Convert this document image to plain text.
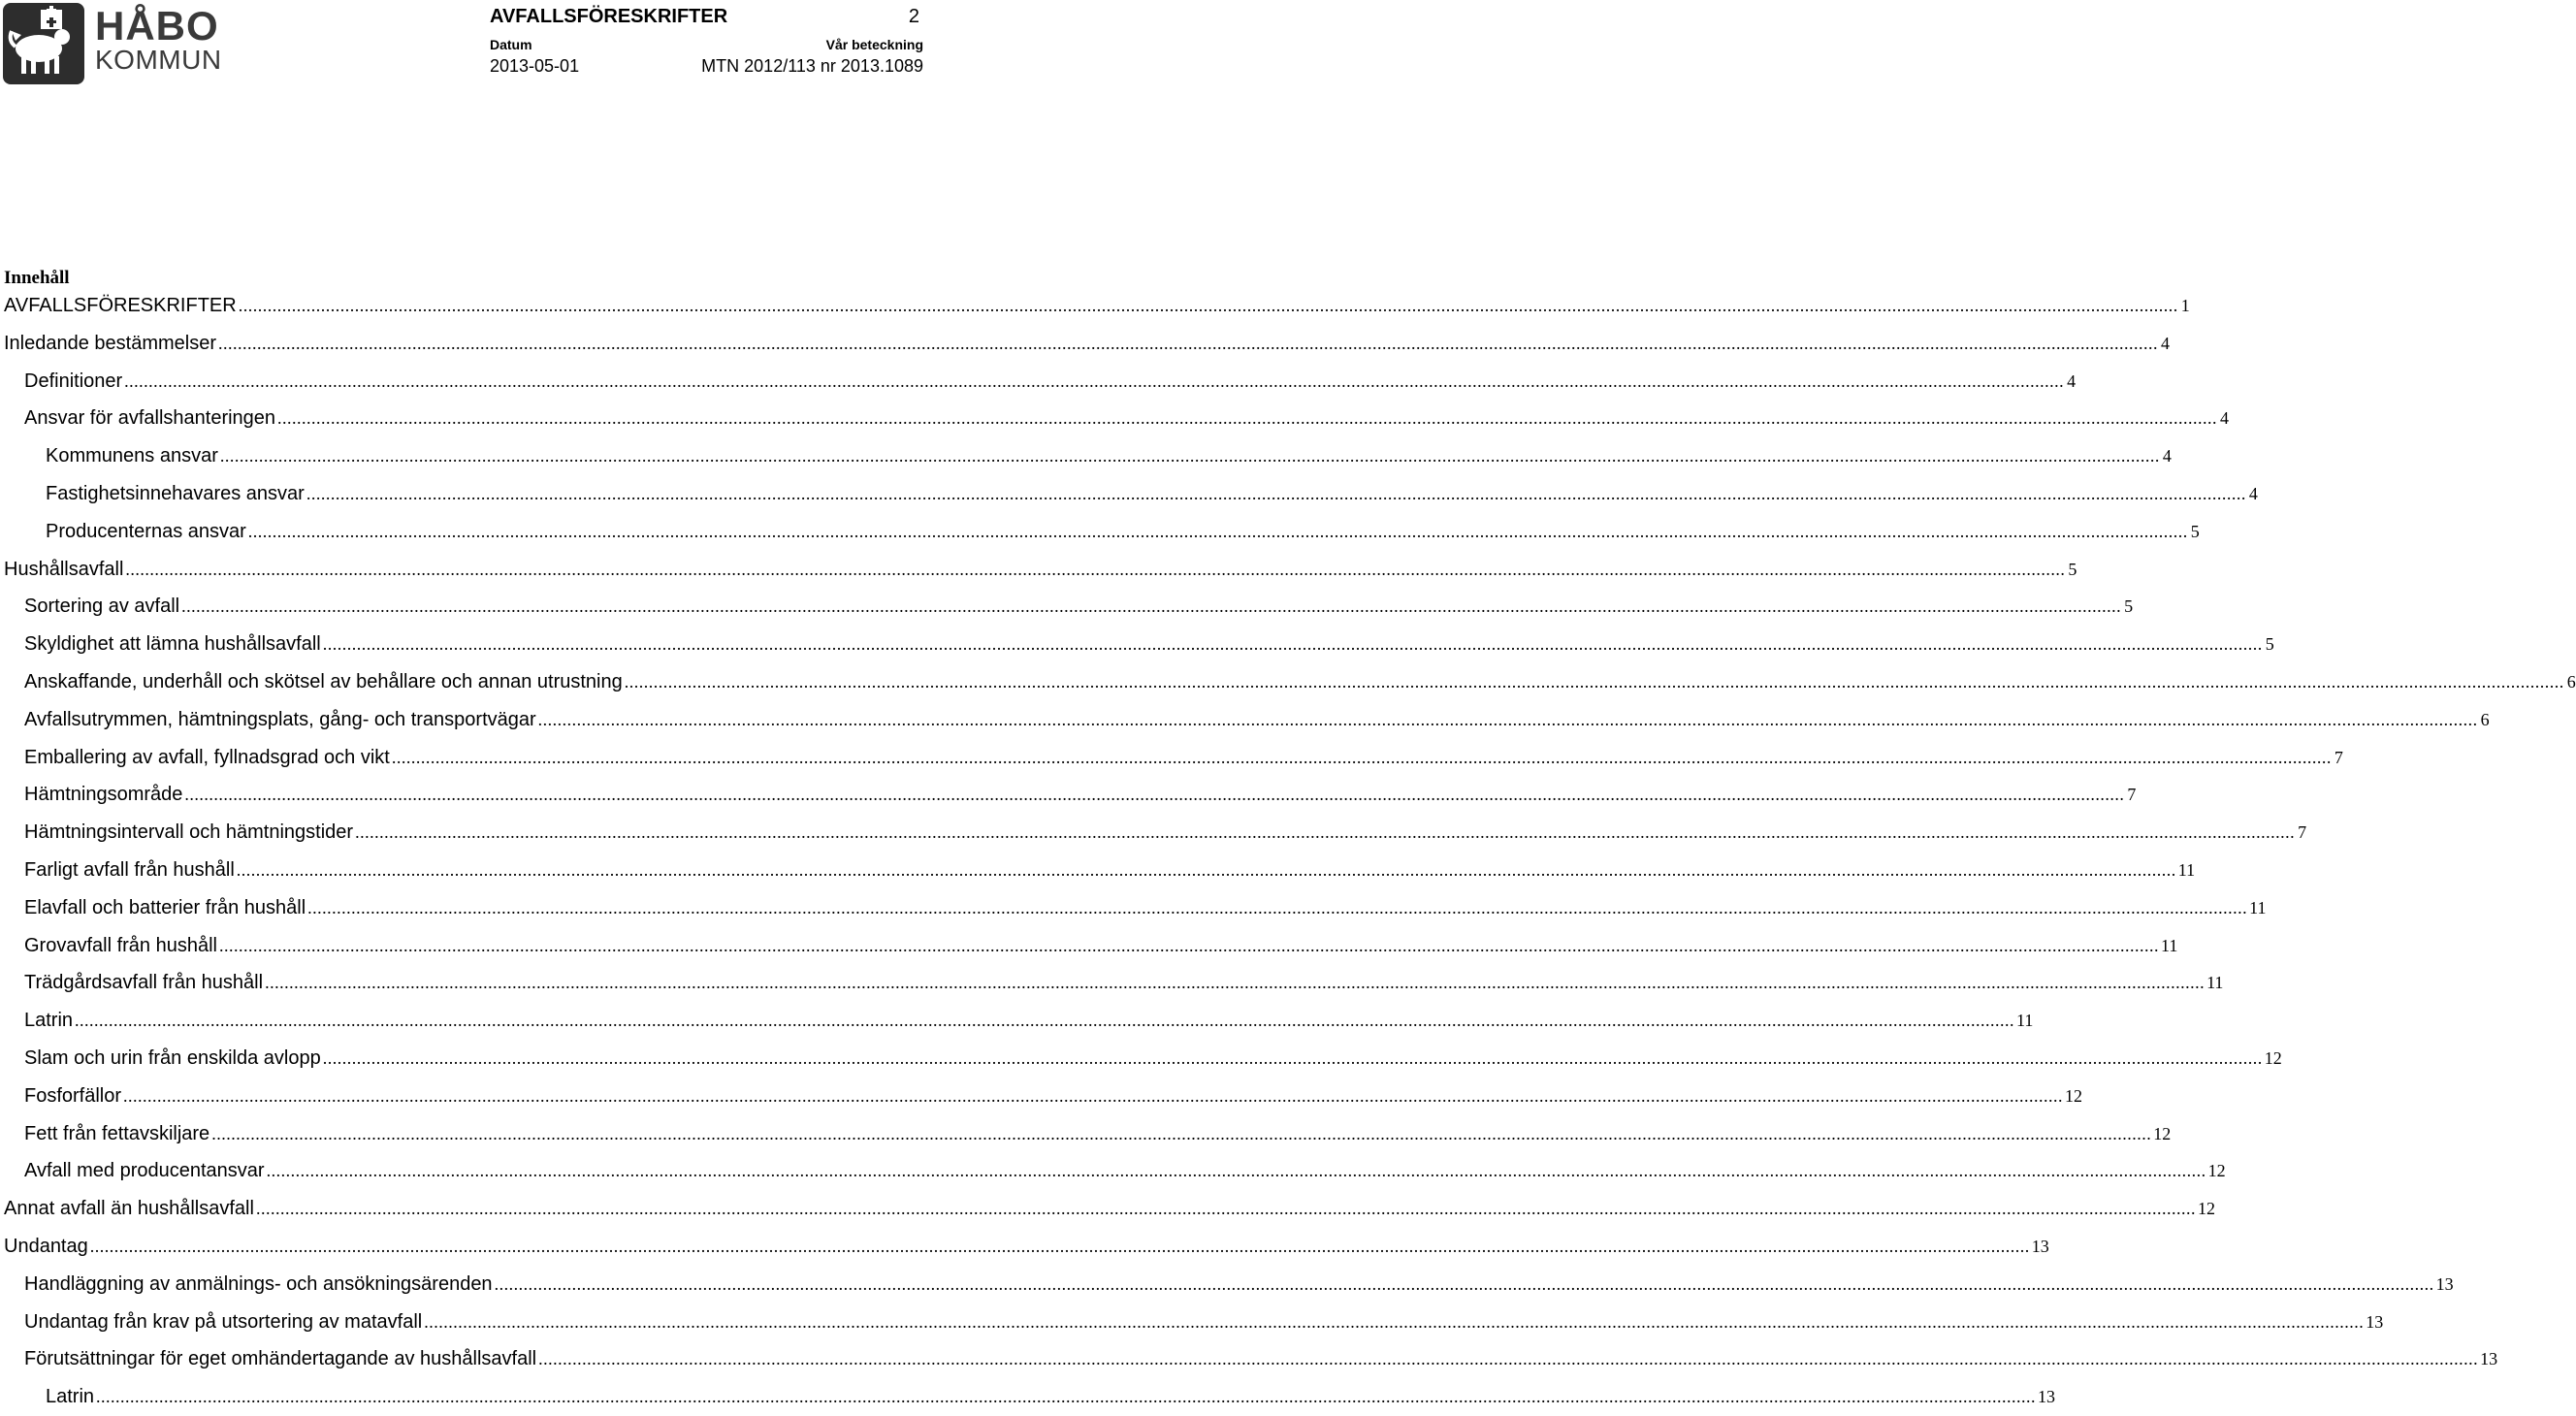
HÅBO
KOMMUN
AVFALLSFÖRESKRIFTER	2
Datum	Vår beteckning
2013-05-01	MTN 2012/113 nr 2013.1089
Innehåll
AVFALLSFÖRESKRIFTER ................................................................................................................................................................................................................................................................................................................................................................................................................ 1
Inledande bestämmelser ................................................................................................................................................................................................................................................................................................................................................................................................................ 4
Definitioner ................................................................................................................................................................................................................................................................................................................................................................................................................ 4
Ansvar för avfallshanteringen ................................................................................................................................................................................................................................................................................................................................................................................................................ 4
Kommunens ansvar ................................................................................................................................................................................................................................................................................................................................................................................................................ 4
Fastighetsinnehavares ansvar ................................................................................................................................................................................................................................................................................................................................................................................................................ 4
Producenternas ansvar ................................................................................................................................................................................................................................................................................................................................................................................................................ 5
Hushållsavfall ................................................................................................................................................................................................................................................................................................................................................................................................................ 5
Sortering av avfall ................................................................................................................................................................................................................................................................................................................................................................................................................ 5
Skyldighet att lämna hushållsavfall ................................................................................................................................................................................................................................................................................................................................................................................................................ 5
Anskaffande, underhåll och skötsel av behållare och annan utrustning ................................................................................................................................................................................................................................................................................................................................................................................................................ 6
Avfallsutrymmen, hämtningsplats, gång- och transportvägar ................................................................................................................................................................................................................................................................................................................................................................................................................ 6
Emballering av avfall, fyllnadsgrad och vikt ................................................................................................................................................................................................................................................................................................................................................................................................................ 7
Hämtningsområde ................................................................................................................................................................................................................................................................................................................................................................................................................ 7
Hämtningsintervall och hämtningstider ................................................................................................................................................................................................................................................................................................................................................................................................................ 7
Farligt avfall från hushåll ................................................................................................................................................................................................................................................................................................................................................................................................................ 11
Elavfall och batterier från hushåll ................................................................................................................................................................................................................................................................................................................................................................................................................ 11
Grovavfall från hushåll ................................................................................................................................................................................................................................................................................................................................................................................................................ 11
Trädgårdsavfall från hushåll ................................................................................................................................................................................................................................................................................................................................................................................................................ 11
Latrin ................................................................................................................................................................................................................................................................................................................................................................................................................ 11
Slam och urin från enskilda avlopp ................................................................................................................................................................................................................................................................................................................................................................................................................ 12
Fosforfällor ................................................................................................................................................................................................................................................................................................................................................................................................................ 12
Fett från fettavskiljare ................................................................................................................................................................................................................................................................................................................................................................................................................ 12
Avfall med producentansvar ................................................................................................................................................................................................................................................................................................................................................................................................................ 12
Annat avfall än hushållsavfall ................................................................................................................................................................................................................................................................................................................................................................................................................ 12
Undantag ................................................................................................................................................................................................................................................................................................................................................................................................................ 13
Handläggning av anmälnings- och ansökningsärenden ................................................................................................................................................................................................................................................................................................................................................................................................................ 13
Undantag från krav på utsortering av matavfall ................................................................................................................................................................................................................................................................................................................................................................................................................ 13
Förutsättningar för eget omhändertagande av hushållsavfall ................................................................................................................................................................................................................................................................................................................................................................................................................ 13
Latrin ................................................................................................................................................................................................................................................................................................................................................................................................................ 13
